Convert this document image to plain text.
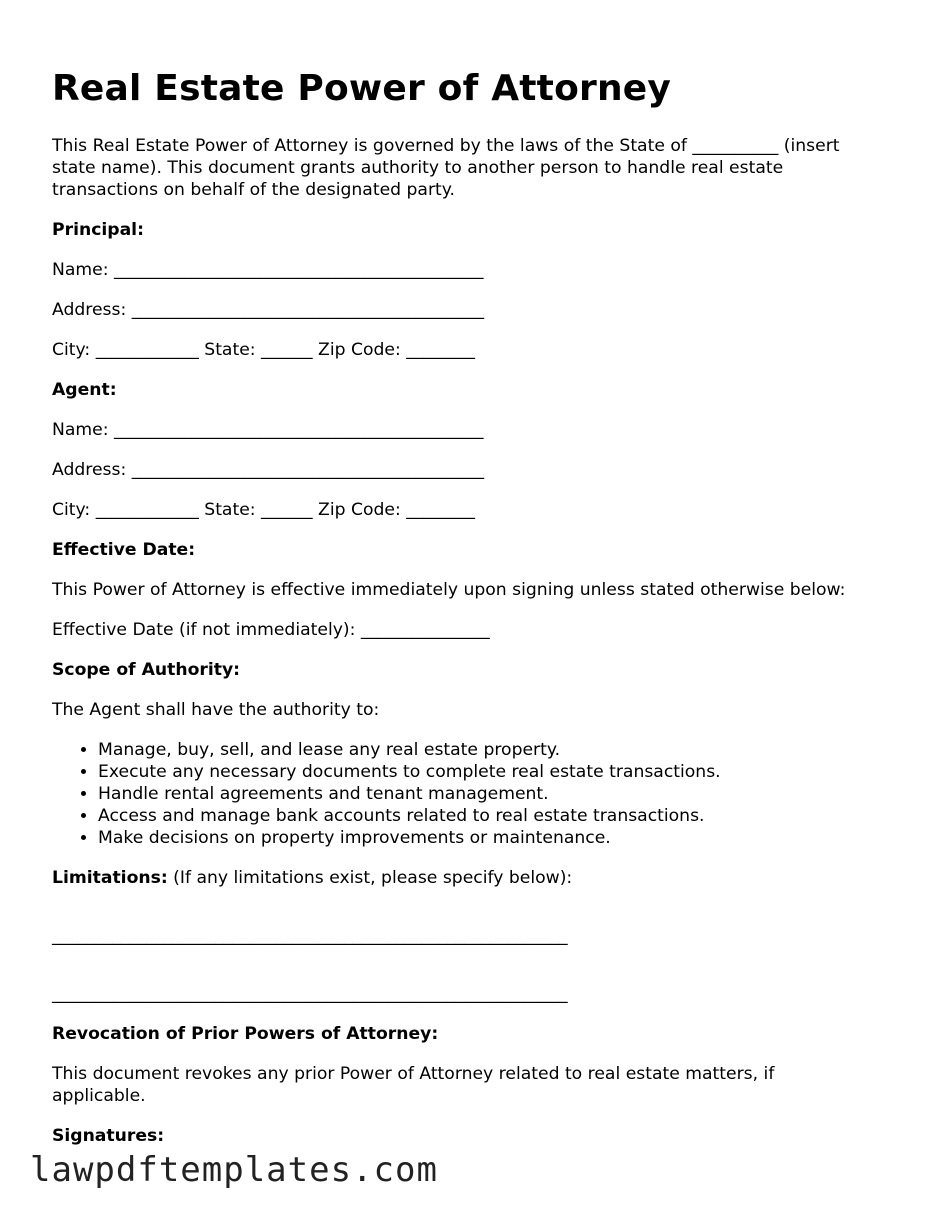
Real Estate Power of Attorney

This Real Estate Power of Attorney is governed by the laws of the State of __________ (insert state name). This document grants authority to another person to handle real estate transactions on behalf of the designated party.

Principal:

Name: ___________________________________________

Address: _________________________________________

City: ____________ State: ______ Zip Code: ________

Agent:

Name: ___________________________________________

Address: _________________________________________

City: ____________ State: ______ Zip Code: ________

Effective Date:

This Power of Attorney is effective immediately upon signing unless stated otherwise below:

Effective Date (if not immediately): _______________

Scope of Authority:

The Agent shall have the authority to:

• Manage, buy, sell, and lease any real estate property.
• Execute any necessary documents to complete real estate transactions.
• Handle rental agreements and tenant management.
• Access and manage bank accounts related to real estate transactions.
• Make decisions on property improvements or maintenance.

Limitations: (If any limitations exist, please specify below):

____________________________________________________________

____________________________________________________________

Revocation of Prior Powers of Attorney:

This document revokes any prior Power of Attorney related to real estate matters, if applicable.

Signatures:

lawpdftemplates.com
